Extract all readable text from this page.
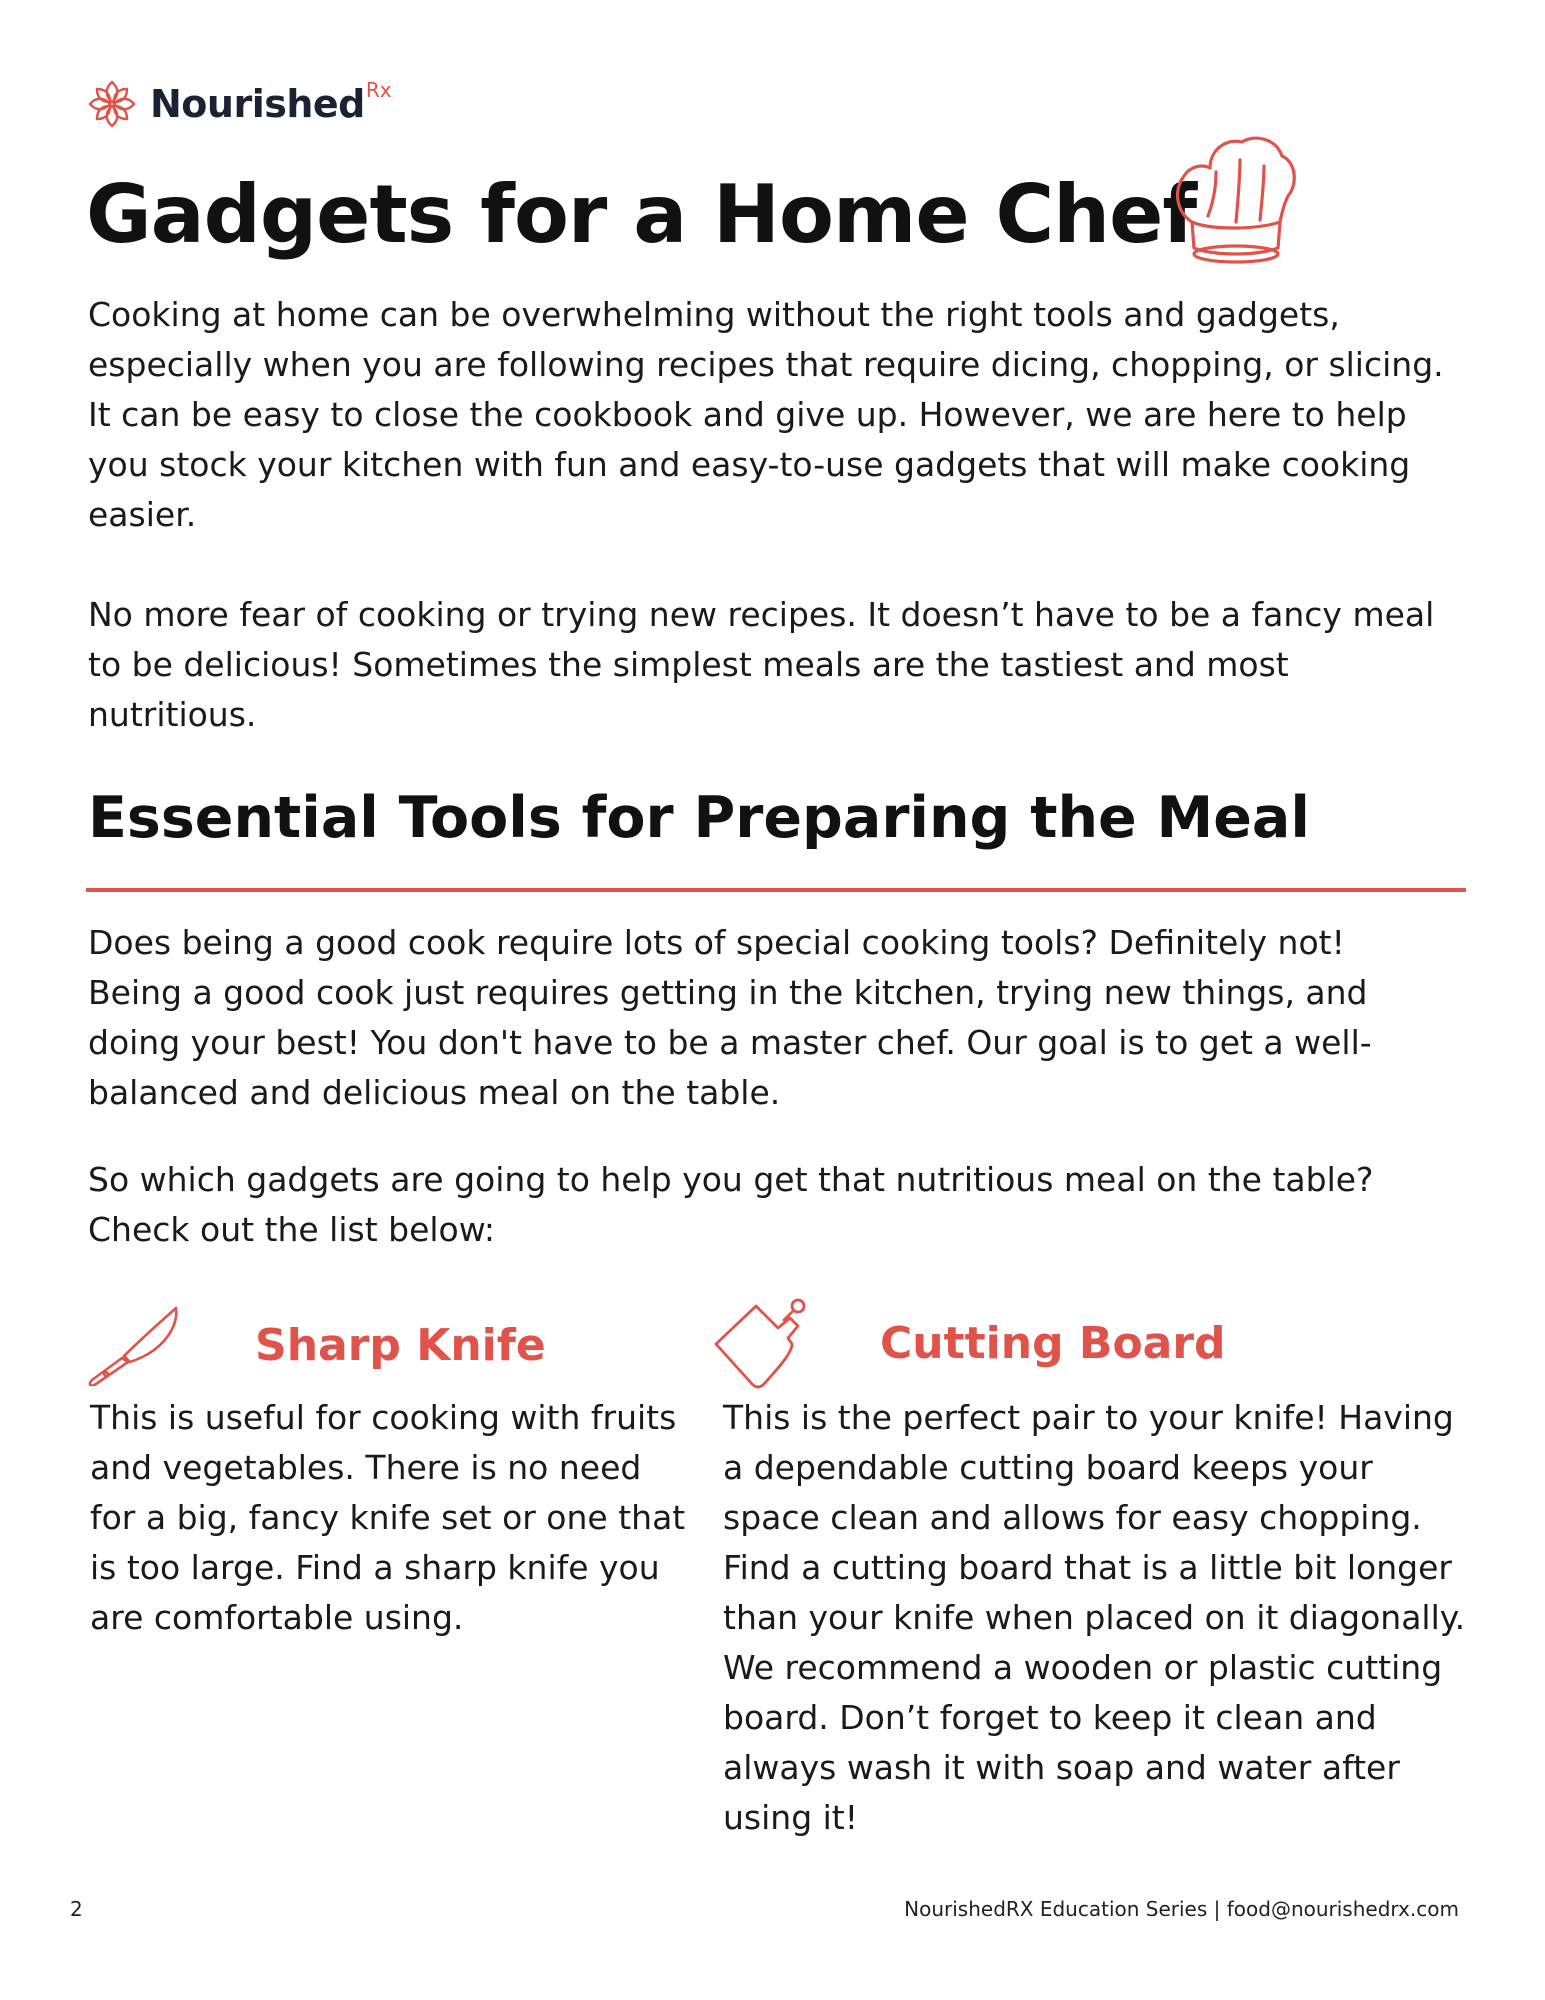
Nourished Rx
Gadgets for a Home Chef
Cooking at home can be overwhelming without the right tools and gadgets, especially when you are following recipes that require dicing, chopping, or slicing. It can be easy to close the cookbook and give up. However, we are here to help you stock your kitchen with fun and easy-to-use gadgets that will make cooking easier.
No more fear of cooking or trying new recipes. It doesn’t have to be a fancy meal to be delicious! Sometimes the simplest meals are the tastiest and most nutritious.
Essential Tools for Preparing the Meal
Does being a good cook require lots of special cooking tools? Definitely not! Being a good cook just requires getting in the kitchen, trying new things, and doing your best! You don't have to be a master chef. Our goal is to get a well-balanced and delicious meal on the table.
So which gadgets are going to help you get that nutritious meal on the table? Check out the list below:
Sharp Knife
This is useful for cooking with fruits and vegetables. There is no need for a big, fancy knife set or one that is too large. Find a sharp knife you are comfortable using.
Cutting Board
This is the perfect pair to your knife! Having a dependable cutting board keeps your space clean and allows for easy chopping. Find a cutting board that is a little bit longer than your knife when placed on it diagonally. We recommend a wooden or plastic cutting board. Don’t forget to keep it clean and always wash it with soap and water after using it!
2	NourishedRX Education Series | food@nourishedrx.com
